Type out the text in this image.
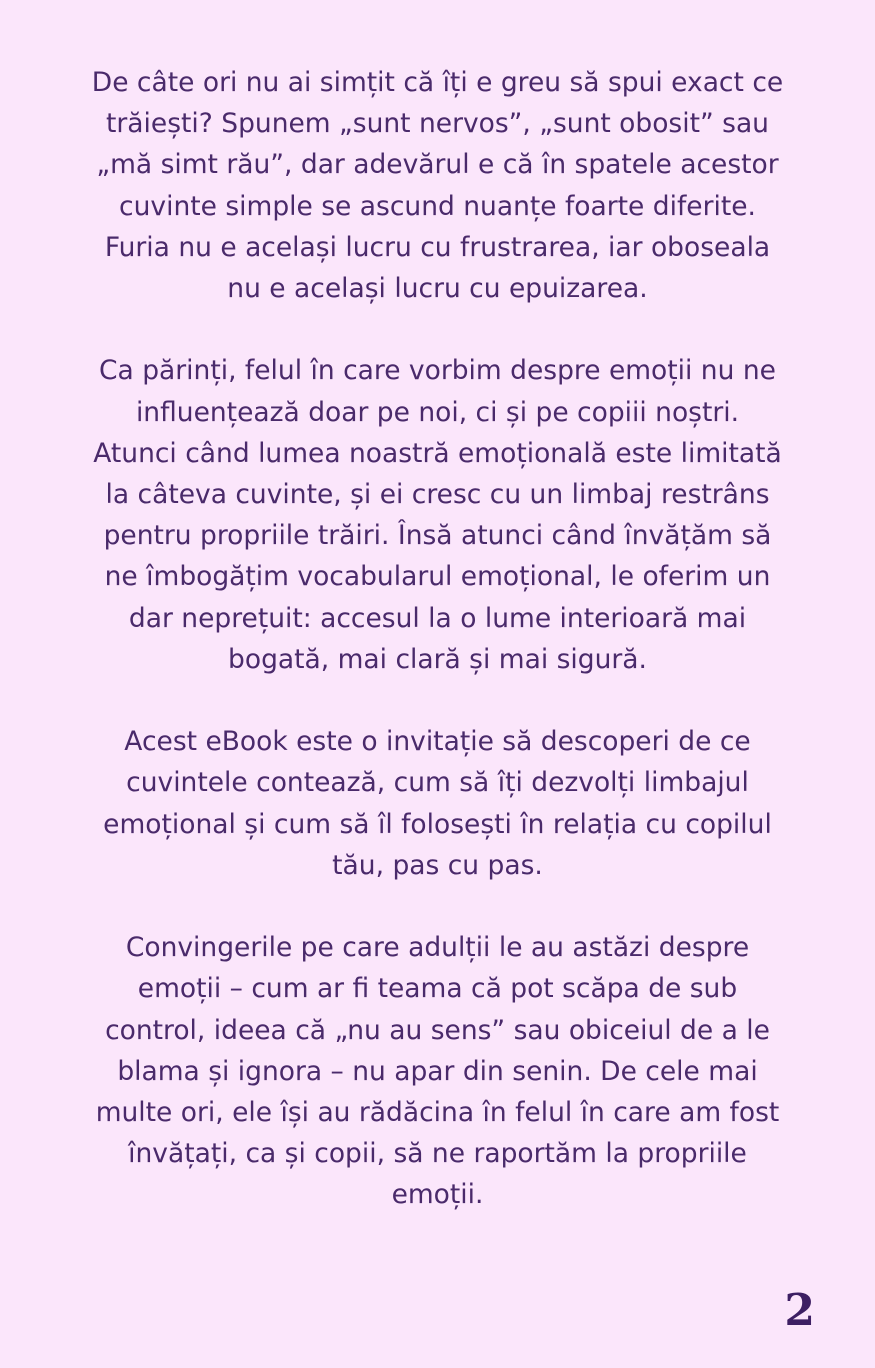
De câte ori nu ai simțit că îți e greu să spui exact ce
trăiești? Spunem „sunt nervos”, „sunt obosit” sau
„mă simt rău”, dar adevărul e că în spatele acestor
cuvinte simple se ascund nuanțe foarte diferite.
Furia nu e același lucru cu frustrarea, iar oboseala
nu e același lucru cu epuizarea.

Ca părinți, felul în care vorbim despre emoții nu ne
influențează doar pe noi, ci și pe copiii noștri.
Atunci când lumea noastră emoțională este limitată
la câteva cuvinte, și ei cresc cu un limbaj restrâns
pentru propriile trăiri. Însă atunci când învățăm să
ne îmbogățim vocabularul emoțional, le oferim un
dar neprețuit: accesul la o lume interioară mai
bogată, mai clară și mai sigură.

Acest eBook este o invitație să descoperi de ce
cuvintele contează, cum să îți dezvolți limbajul
emoțional și cum să îl folosești în relația cu copilul
tău, pas cu pas.

Convingerile pe care adulții le au astăzi despre
emoții – cum ar fi teama că pot scăpa de sub
control, ideea că „nu au sens” sau obiceiul de a le
blama și ignora – nu apar din senin. De cele mai
multe ori, ele își au rădăcina în felul în care am fost
învățați, ca și copii, să ne raportăm la propriile
emoții.

2
